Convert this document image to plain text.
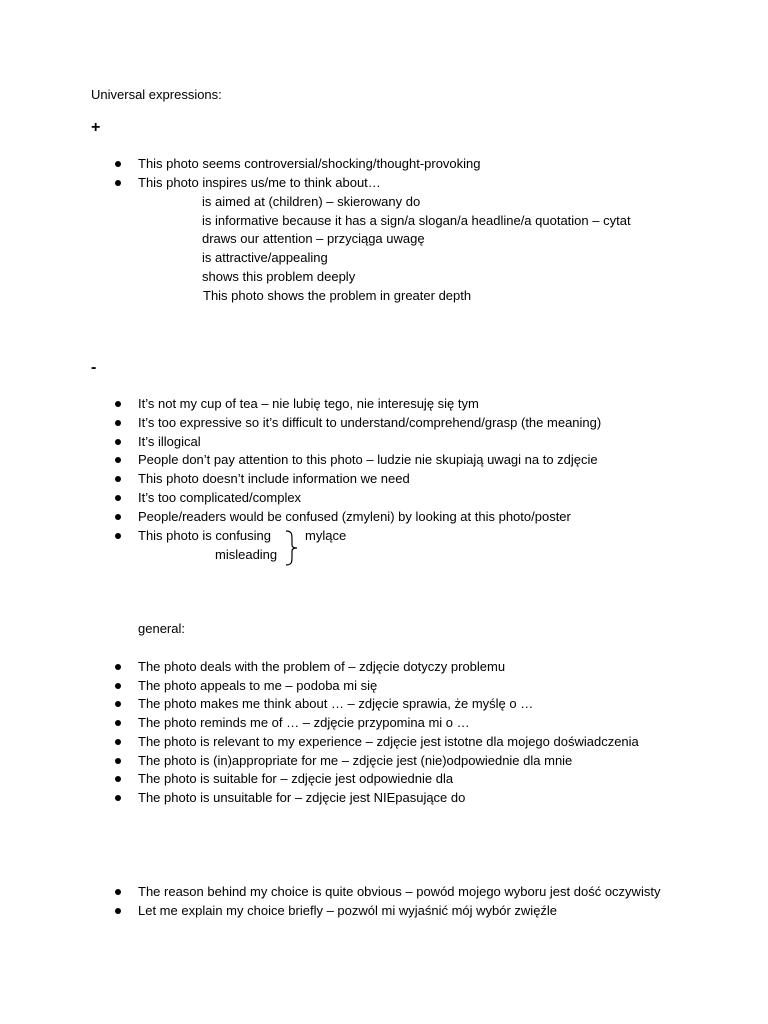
Universal expressions:
+
This photo seems controversial/shocking/thought-provoking
This photo inspires us/me to think about…
is aimed at (children) – skierowany do
is informative because it has a sign/a slogan/a headline/a quotation – cytat
draws our attention – przyciąga uwagę
is attractive/appealing
shows this problem deeply
This photo shows the problem in greater depth
-
It’s not my cup of tea – nie lubię tego, nie interesuję się tym
It’s too expressive so it’s difficult to understand/comprehend/grasp (the meaning)
It’s illogical
People don’t pay attention to this photo – ludzie nie skupiają uwagi na to zdjęcie
This photo doesn’t include information we need
It’s too complicated/complex
People/readers would be confused (zmyleni) by looking at this photo/poster
This photo is confusing
misleading
mylące
general:
The photo deals with the problem of – zdjęcie dotyczy problemu
The photo appeals to me – podoba mi się
The photo makes me think about … – zdjęcie sprawia, że myślę o …
The photo reminds me of … – zdjęcie przypomina mi o …
The photo is relevant to my experience – zdjęcie jest istotne dla mojego doświadczenia
The photo is (in)appropriate for me – zdjęcie jest (nie)odpowiednie dla mnie
The photo is suitable for – zdjęcie jest odpowiednie dla
The photo is unsuitable for – zdjęcie jest NIEpasujące do
The reason behind my choice is quite obvious – powód mojego wyboru jest dość oczywisty
Let me explain my choice briefly – pozwól mi wyjaśnić mój wybór zwięźle
